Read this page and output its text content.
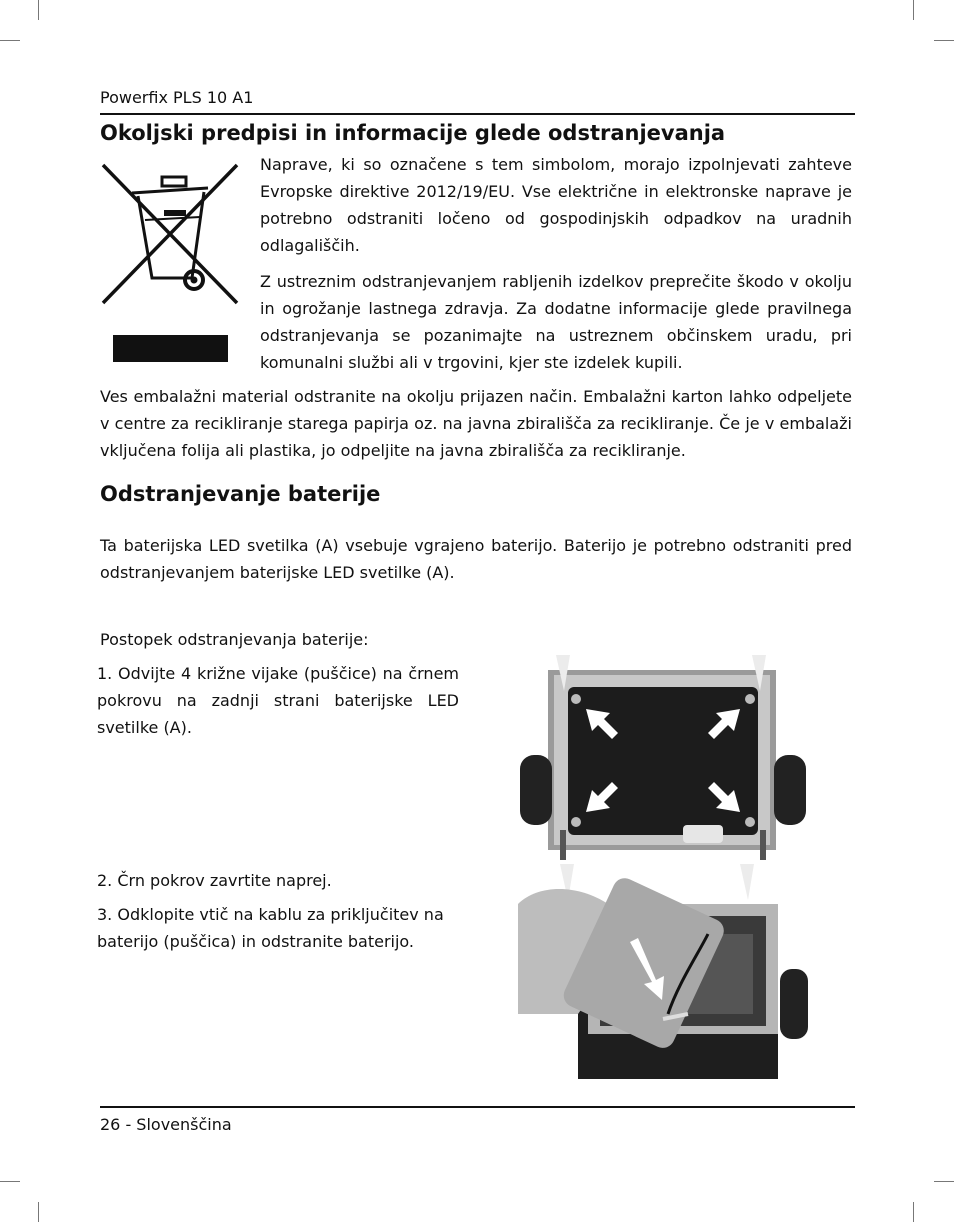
Powerfix PLS 10 A1
Okoljski predpisi in informacije glede odstranjevanja

Naprave, ki so označene s tem simbolom, morajo izpolnjevati zahteve Evropske direktive 2012/19/EU. Vse električne in elektronske naprave je potrebno odstraniti ločeno od gospodinjskih odpadkov na uradnih odlagališčih.

Z ustreznim odstranjevanjem rabljenih izdelkov preprečite škodo v okolju in ogrožanje lastnega zdravja. Za dodatne informacije glede pravilnega odstranjevanja se pozanimajte na ustreznem občinskem uradu, pri komunalni službi ali v trgovini, kjer ste izdelek kupili.

Ves embalažni material odstranite na okolju prijazen način. Embalažni karton lahko odpeljete v centre za recikliranje starega papirja oz. na javna zbirališča za recikliranje. Če je v embalaži vključena folija ali plastika, jo odpeljite na javna zbirališča za recikliranje.

Odstranjevanje baterije

Ta baterijska LED svetilka (A) vsebuje vgrajeno baterijo. Baterijo je potrebno odstraniti pred odstranjevanjem baterijske LED svetilke (A).

Postopek odstranjevanja baterije:

1. Odvijte 4 križne vijake (puščice) na črnem pokrovu na zadnji strani baterijske LED svetilke (A).

2. Črn pokrov zavrtite naprej.

3. Odklopite vtič na kablu za priključitev na baterijo (puščica) in odstranite baterijo.

26 - Slovenščina
